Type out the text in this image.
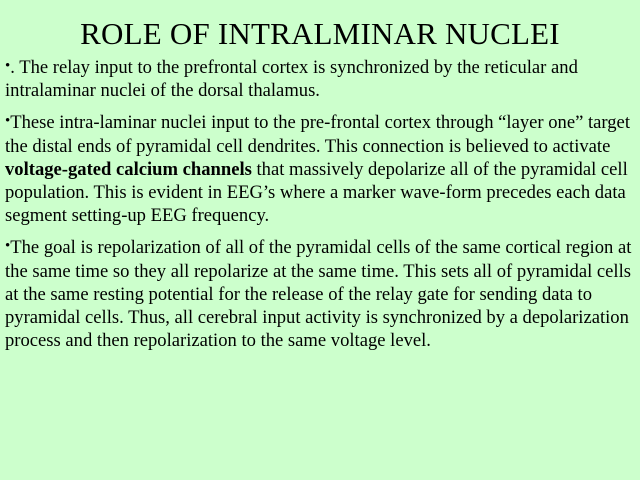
ROLE OF INTRALMINAR NUCLEI

•. The relay input to the prefrontal cortex is synchronized by the reticular and intralaminar nuclei of the dorsal thalamus.

•These intra-laminar nuclei input to the pre-frontal cortex through “layer one” target the distal ends of pyramidal cell dendrites. This connection is believed to activate voltage-gated calcium channels that massively depolarize all of the pyramidal cell population. This is evident in EEG’s where a marker wave-form precedes each data segment setting-up EEG frequency.

•The goal is repolarization of all of the pyramidal cells of the same cortical region at the same time so they all repolarize at the same time. This sets all of pyramidal cells at the same resting potential for the release of the relay gate for sending data to pyramidal cells. Thus, all cerebral input activity is synchronized by a depolarization process and then repolarization to the same voltage level.
